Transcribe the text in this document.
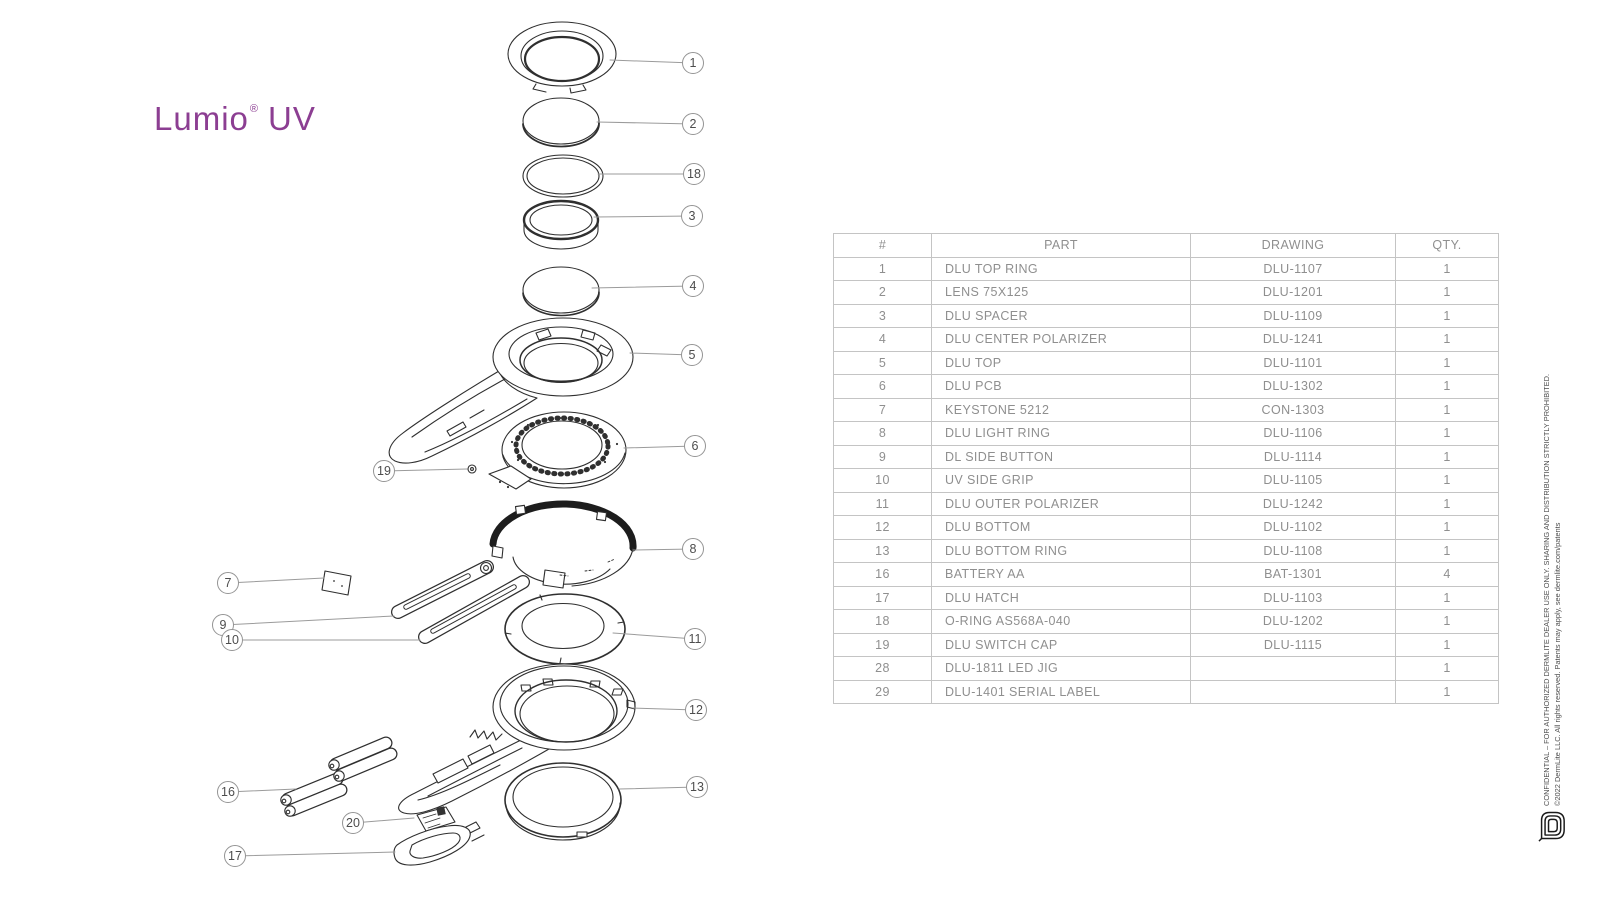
Lumio® UV
1
2
18
3
4
5
6
19
8
7
9
10	11
12
16
20
13
17
#	PART	DRAWING	QTY.
1	DLU TOP RING	DLU-1107	1
2	LENS 75X125	DLU-1201	1
3	DLU SPACER	DLU-1109	1
4	DLU CENTER POLARIZER	DLU-1241	1
5	DLU TOP	DLU-1101	1
6	DLU PCB	DLU-1302	1
7	KEYSTONE 5212	CON-1303	1
8	DLU LIGHT RING	DLU-1106	1
9	DL SIDE BUTTON	DLU-1114	1
10	UV SIDE GRIP	DLU-1105	1
11	DLU OUTER POLARIZER	DLU-1242	1
12	DLU BOTTOM	DLU-1102	1
13	DLU BOTTOM RING	DLU-1108	1
16	BATTERY AA	BAT-1301	4
17	DLU HATCH	DLU-1103	1
18	O-RING AS568A-040	DLU-1202	1
19	DLU SWITCH CAP	DLU-1115	1
28	DLU-1811 LED JIG		1
29	DLU-1401 SERIAL LABEL		1	CONFIDENTIAL – FOR AUTHORIZED DERMLITE DEALER USE ONLY. SHARING AND DISTRIBUTION STRICTLY PROHIBITED. ©2022 DermLite LLC. All rights reserved. Patents may apply, see dermlite.com/patents
